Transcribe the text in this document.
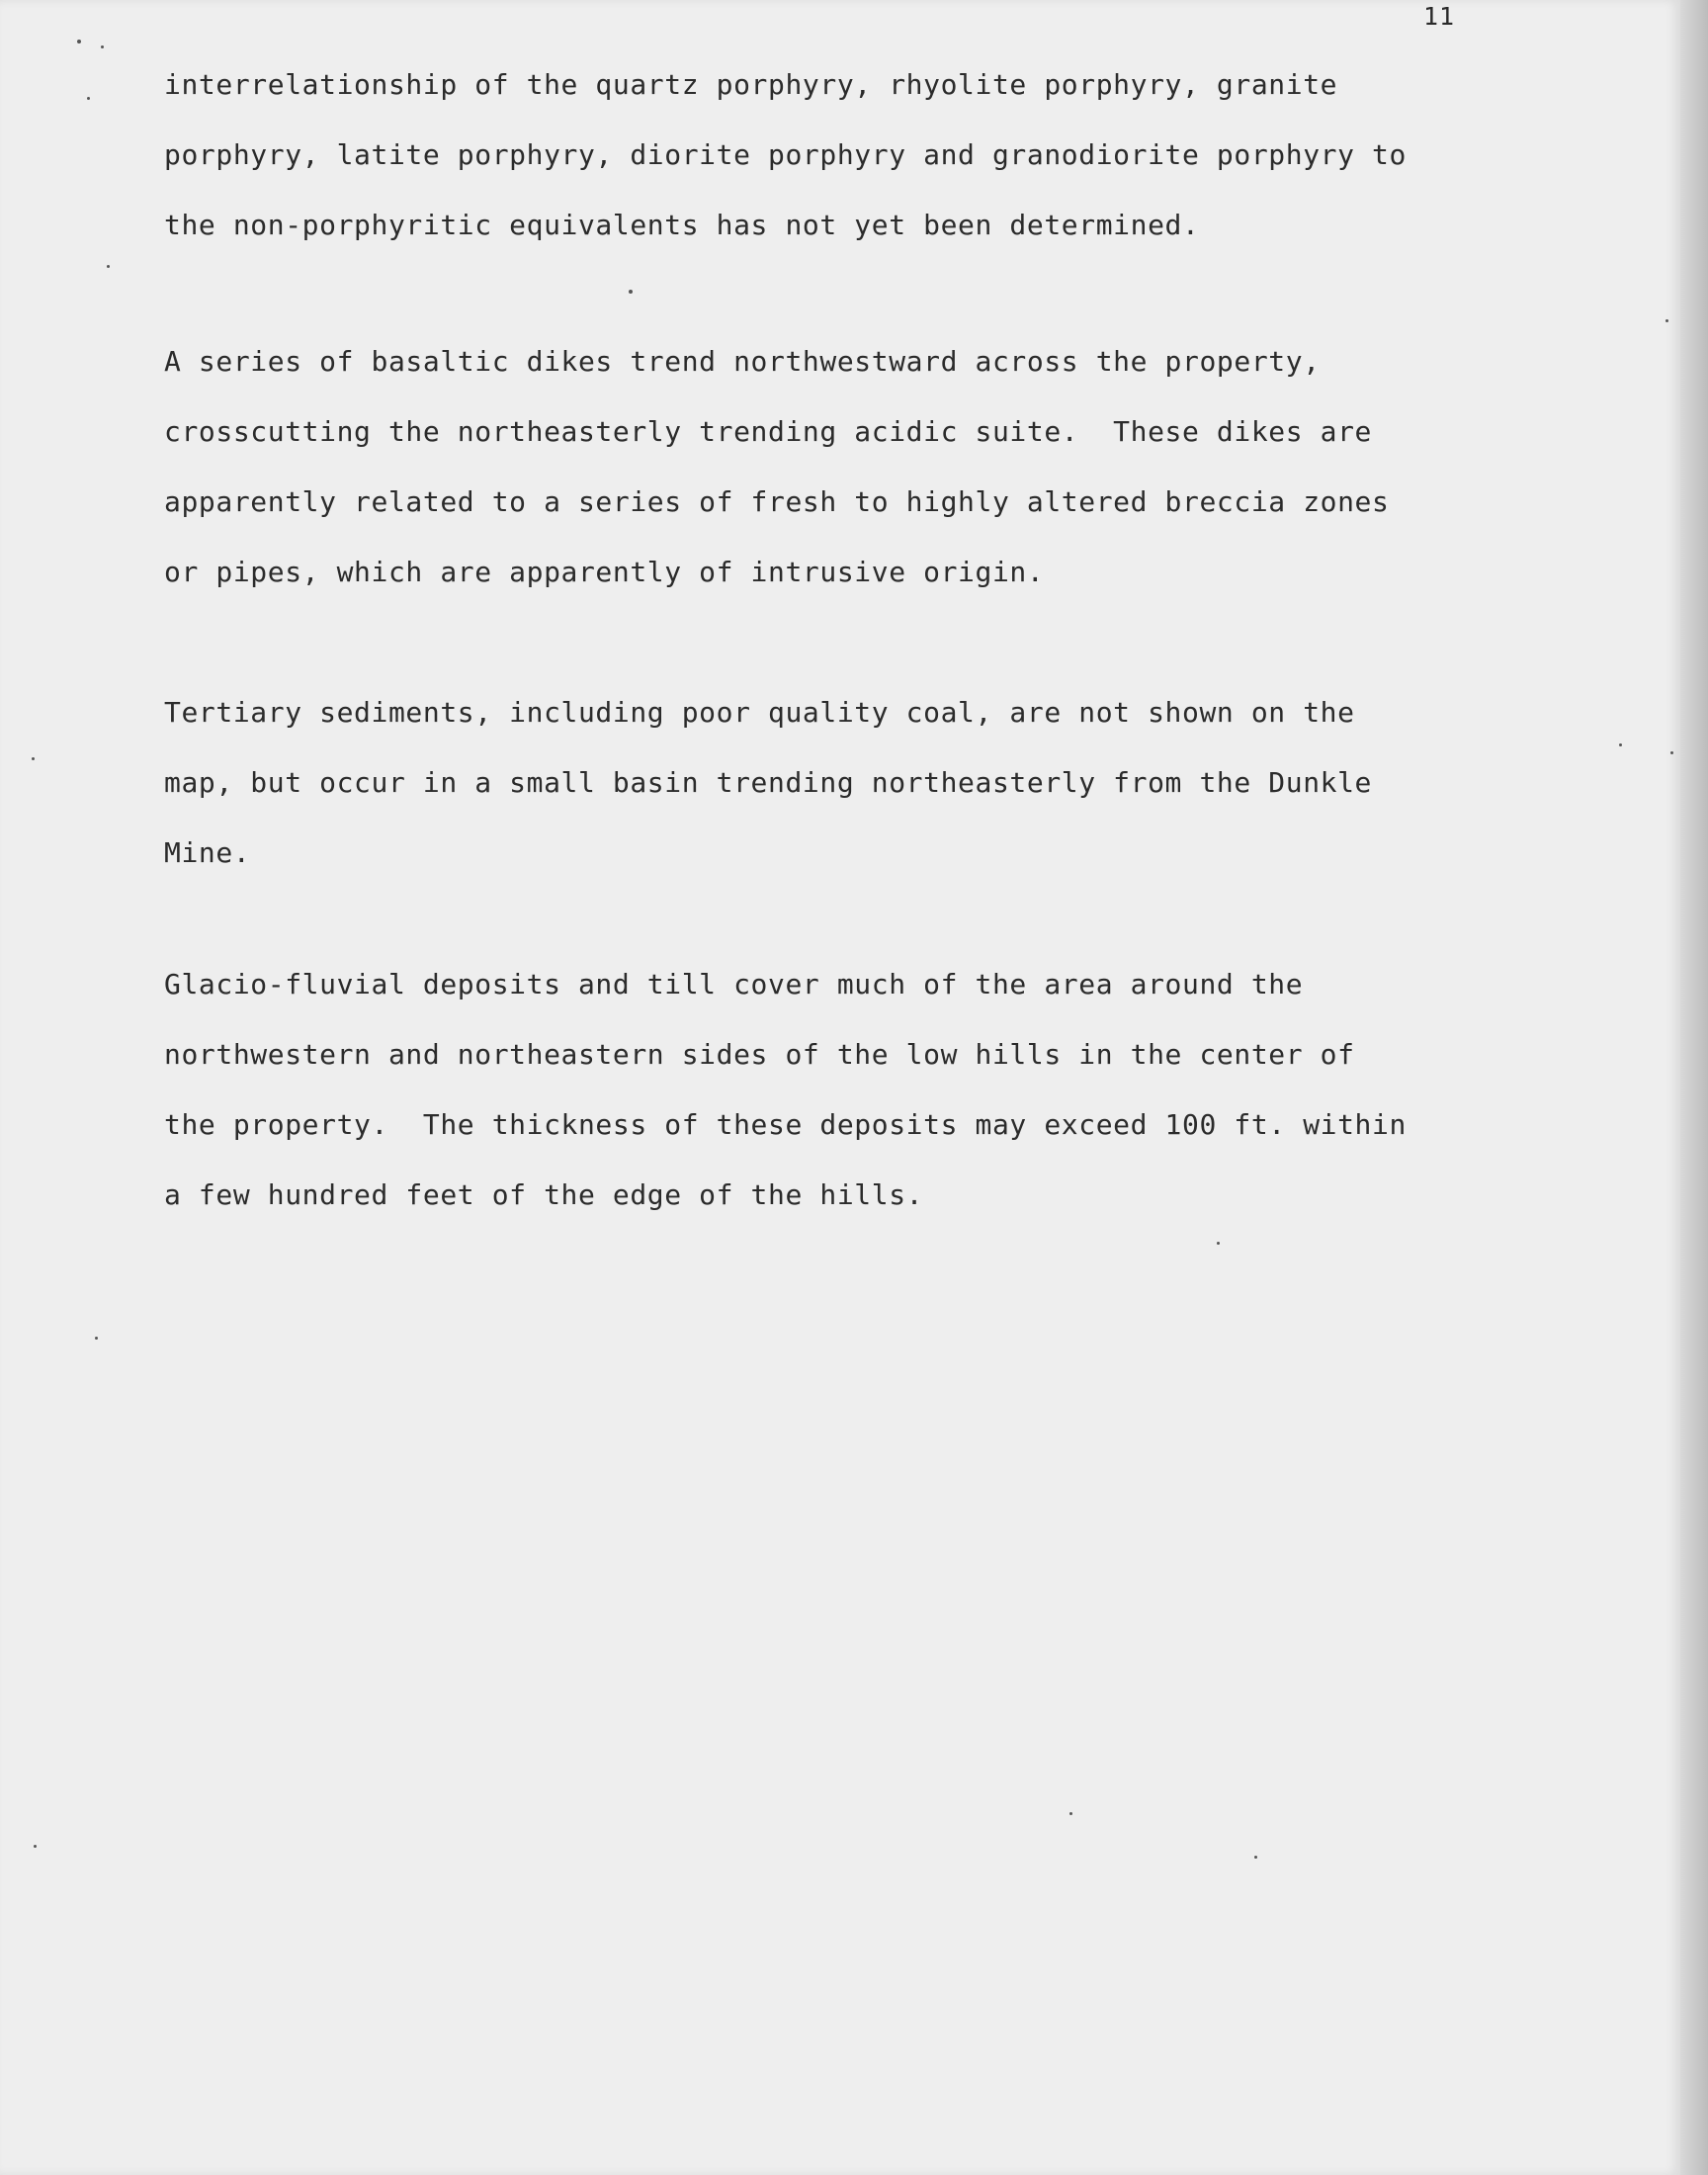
11
interrelationship of the quartz porphyry, rhyolite porphyry, granite
porphyry, latite porphyry, diorite porphyry and granodiorite porphyry to
the non-porphyritic equivalents has not yet been determined.
A series of basaltic dikes trend northwestward across the property,
crosscutting the northeasterly trending acidic suite.  These dikes are
apparently related to a series of fresh to highly altered breccia zones
or pipes, which are apparently of intrusive origin.
Tertiary sediments, including poor quality coal, are not shown on the
map, but occur in a small basin trending northeasterly from the Dunkle
Mine.
Glacio-fluvial deposits and till cover much of the area around the
northwestern and northeastern sides of the low hills in the center of
the property.  The thickness of these deposits may exceed 100 ft. within
a few hundred feet of the edge of the hills.
